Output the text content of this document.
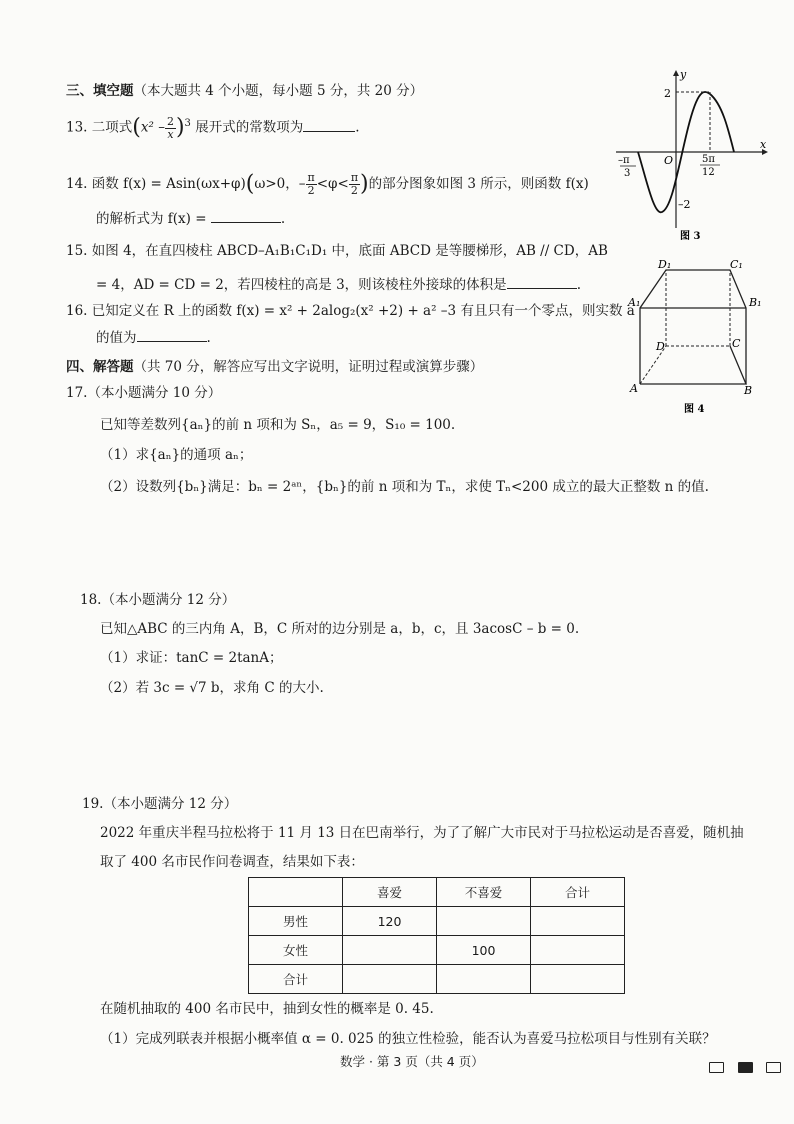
三、填空题（本大题共 4 个小题，每小题 5 分，共 20 分）
13. 二项式$(x^2 - \frac{2}{x} )^3$ 展开式的常数项为	.
14. 函数 f(x) = Asin(ωx+φ)(ω>0，– $\frac{\pi}{2} <\varphi< \frac{\pi}{2}$ )的部分图象如图 3 所示，则函数 f(x)
的解析式为 f(x) =	.
15. 如图 4，在直四棱柱 ABCD–A₁B₁C₁D₁ 中，底面 ABCD 是等腰梯形，AB // CD，AB
= 4，AD = CD = 2，若四棱柱的高是 3，则该棱柱外接球的体积是	.
16. 已知定义在 R 上的函数 f(x) = x² + 2alog₂(x² +2) + a² –3 有且只有一个零点，则实数 a
的值为	.
四、解答题（共 70 分，解答应写出文字说明，证明过程或演算步骤）
17.（本小题满分 10 分）
已知等差数列{aₙ}的前 n 项和为 Sₙ，a₅ = 9，S₁₀ = 100.
（1）求{aₙ}的通项 aₙ；
（2）设数列{bₙ}满足：bₙ = 2ᵃⁿ，{bₙ}的前 n 项和为 Tₙ，求使 Tₙ<200 成立的最大正整数 n 的值.
18.（本小题满分 12 分）
已知△ABC 的三内角 A，B，C 所对的边分别是 a，b，c，且 3acosC – b = 0.
（1）求证：tanC = 2tanA；
（2）若 3c = √7 b，求角 C 的大小.
19.（本小题满分 12 分）
2022 年重庆半程马拉松将于 11 月 13 日在巴南举行，为了了解广大市民对于马拉松运动是否喜爱，随机抽
取了 400 名市民作问卷调查，结果如下表：
	喜爱	不喜爱	合计
男性	120		
女性		100	
合计			
在随机抽取的 400 名市民中，抽到女性的概率是 0. 45.
（1）完成列联表并根据小概率值 α = 0. 025 的独立性检验，能否认为喜爱马拉松项目与性别有关联？
y
x
O
2
–2
–π
3
5π
12
图 3
A	B
C
D
A₁	B₁
C₁
D₁
图 4
数学 · 第 3 页（共 4 页）
